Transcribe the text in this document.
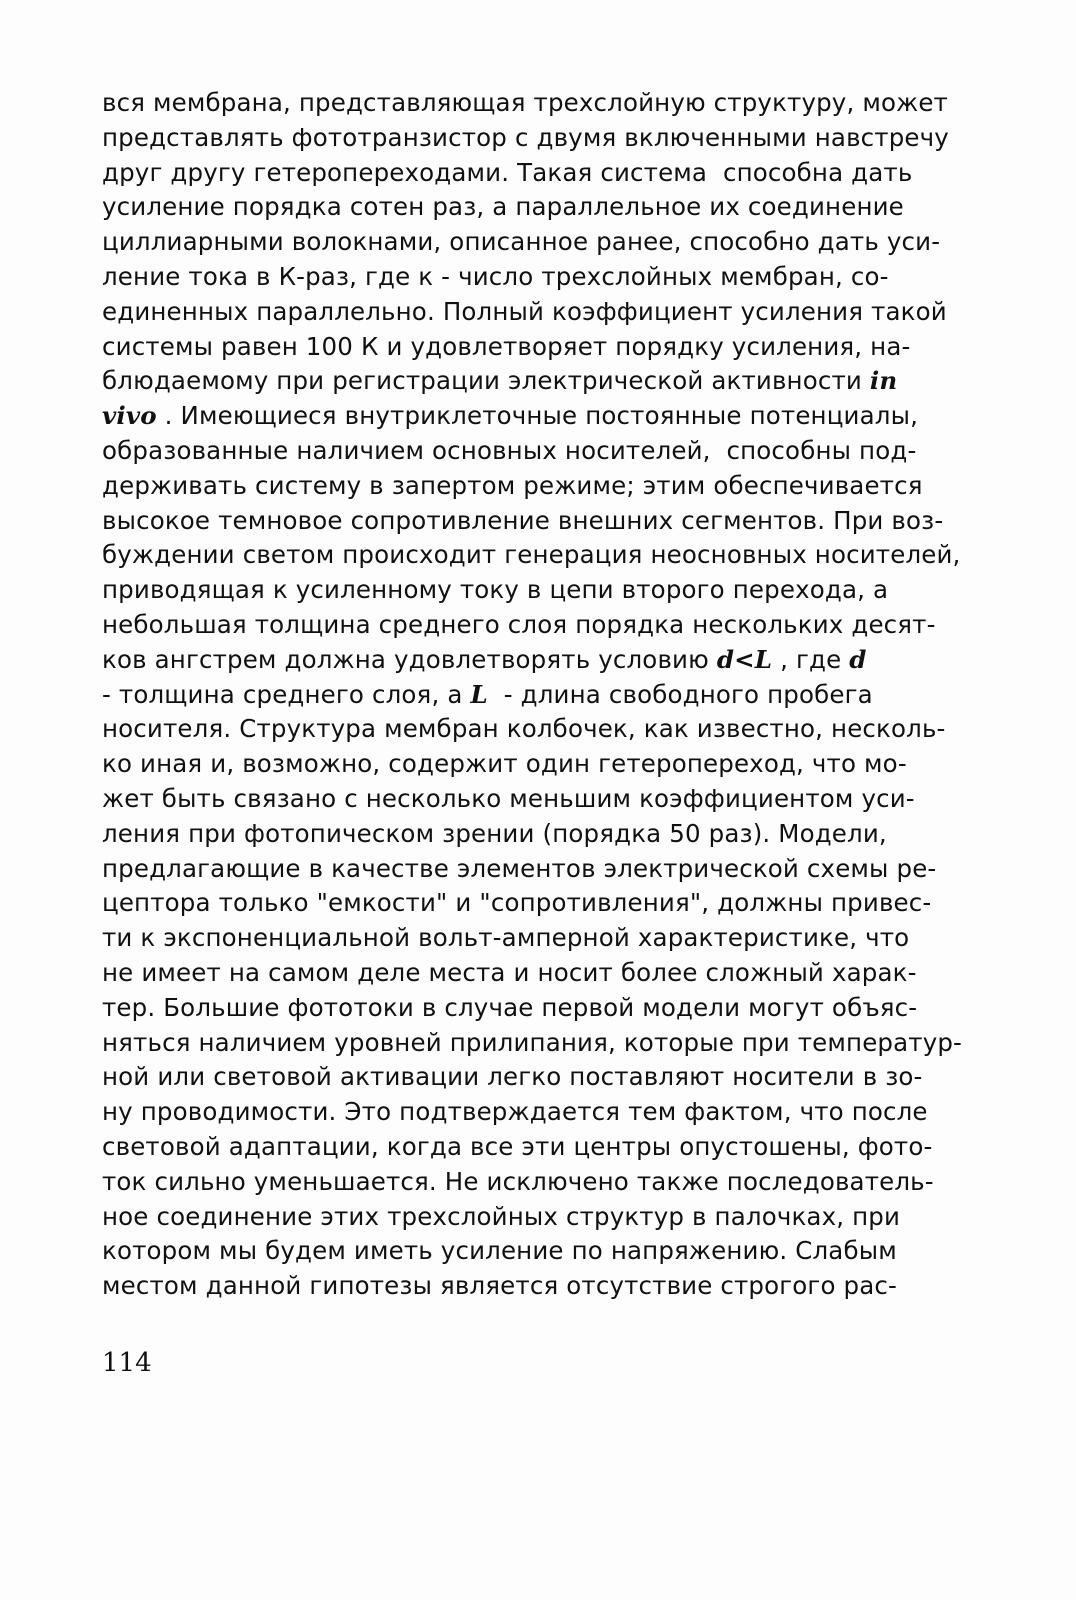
вся мембрана, представляющая трехслойную структуру, может
представлять фототранзистор с двумя включенными навстречу
друг другу гетеропереходами. Такая система  способна дать
усиление порядка сотен раз, а параллельное их соединение
циллиарными волокнами, описанное ранее, способно дать уси-
ление тока в К-раз, где к - число трехслойных мембран, со-
единенных параллельно. Полный коэффициент усиления такой
системы равен 100 К и удовлетворяет порядку усиления, на-
блюдаемому при регистрации электрической активности in
vivo . Имеющиеся внутриклеточные постоянные потенциалы,
образованные наличием основных носителей,  способны под-
держивать систему в запертом режиме; этим обеспечивается
высокое темновое сопротивление внешних сегментов. При воз-
буждении светом происходит генерация неосновных носителей,
приводящая к усиленному току в цепи второго перехода, а
небольшая толщина среднего слоя порядка нескольких десят-
ков ангстрем должна удовлетворять условию d<L , где d
- толщина среднего слоя, а L  - длина свободного пробега
носителя. Структура мембран колбочек, как известно, несколь-
ко иная и, возможно, содержит один гетеропереход, что мо-
жет быть связано с несколько меньшим коэффициентом уси-
ления при фотопическом зрении (порядка 50 раз). Модели,
предлагающие в качестве элементов электрической схемы ре-
цептора только "емкости" и "сопротивления", должны привес-
ти к экспоненциальной вольт-амперной характеристике, что
не имеет на самом деле места и носит более сложный харак-
тер. Большие фототоки в случае первой модели могут объяс-
няться наличием уровней прилипания, которые при температур-
ной или световой активации легко поставляют носители в зо-
ну проводимости. Это подтверждается тем фактом, что после
световой адаптации, когда все эти центры опустошены, фото-
ток сильно уменьшается. Не исключено также последователь-
ное соединение этих трехслойных структур в палочках, при
котором мы будем иметь усиление по напряжению. Слабым
местом данной гипотезы является отсутствие строгого рас-
114
